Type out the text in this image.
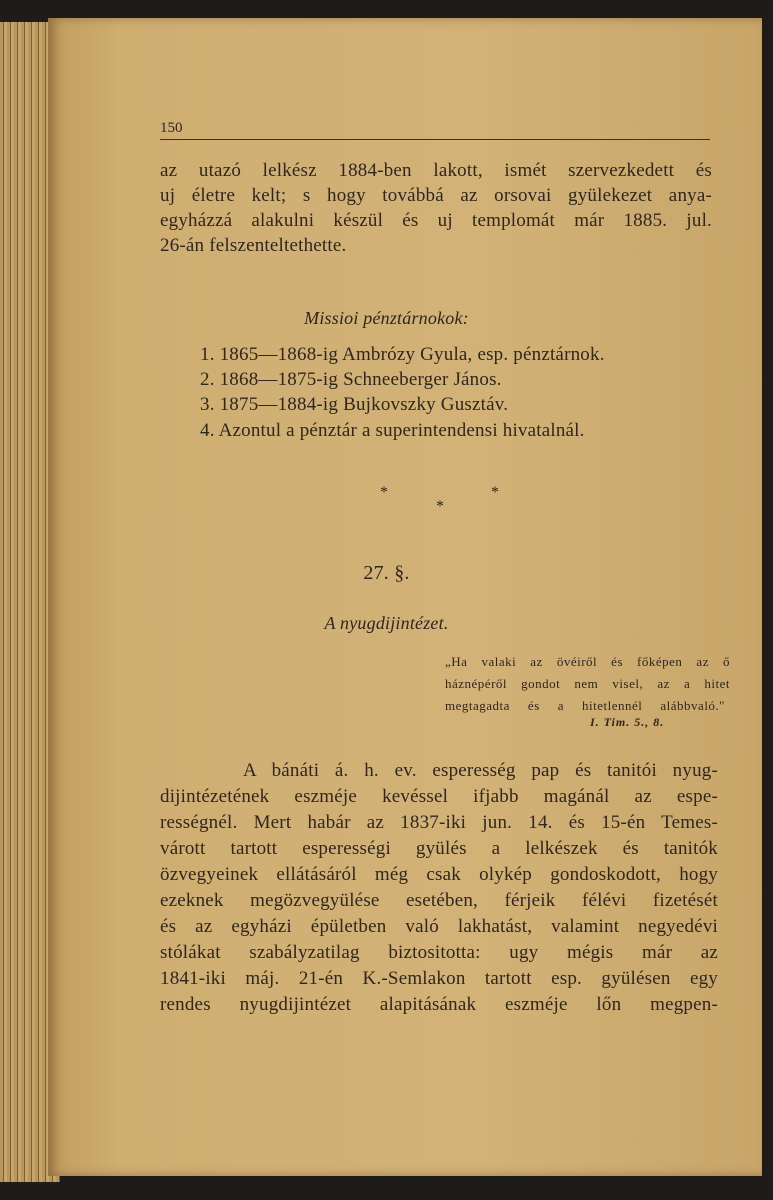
150
az utazó lelkész 1884-ben lakott, ismét szervezkedett és
uj életre kelt; s hogy továbbá az orsovai gyülekezet anya-
egyházzá alakulni készül és uj templomát már 1885. jul.
26-án felszenteltethette.
Missioi pénztárnokok:
1. 1865—1868-ig Ambrózy Gyula, esp. pénztárnok.
2. 1868—1875-ig Schneeberger János.
3. 1875—1884-ig Bujkovszky Gusztáv.
4. Azontul a pénztár a superintendensi hivatalnál.
*	*
*
27. §.
A nyugdijintézet.
„Ha valaki az övéiről és főképen az ő
háznépéről gondot nem visel, az a hitet
megtagadta és a hitetlennél alábbvaló."
I. Tim. 5., 8.
A bánáti á. h. ev. esperesség pap és tanitói nyug-
dijintézetének eszméje kevéssel ifjabb magánál az espe-
rességnél. Mert habár az 1837-iki jun. 14. és 15-én Temes-
várott tartott esperességi gyülés a lelkészek és tanitók
özvegyeinek ellátásáról még csak olykép gondoskodott, hogy
ezeknek megözvegyülése esetében, férjeik félévi fizetését
és az egyházi épületben való lakhatást, valamint negyedévi
stólákat szabályzatilag biztositotta: ugy mégis már az
1841-iki máj. 21-én K.-Semlakon tartott esp. gyülésen egy
rendes nyugdijintézet alapitásának eszméje lőn megpen-
